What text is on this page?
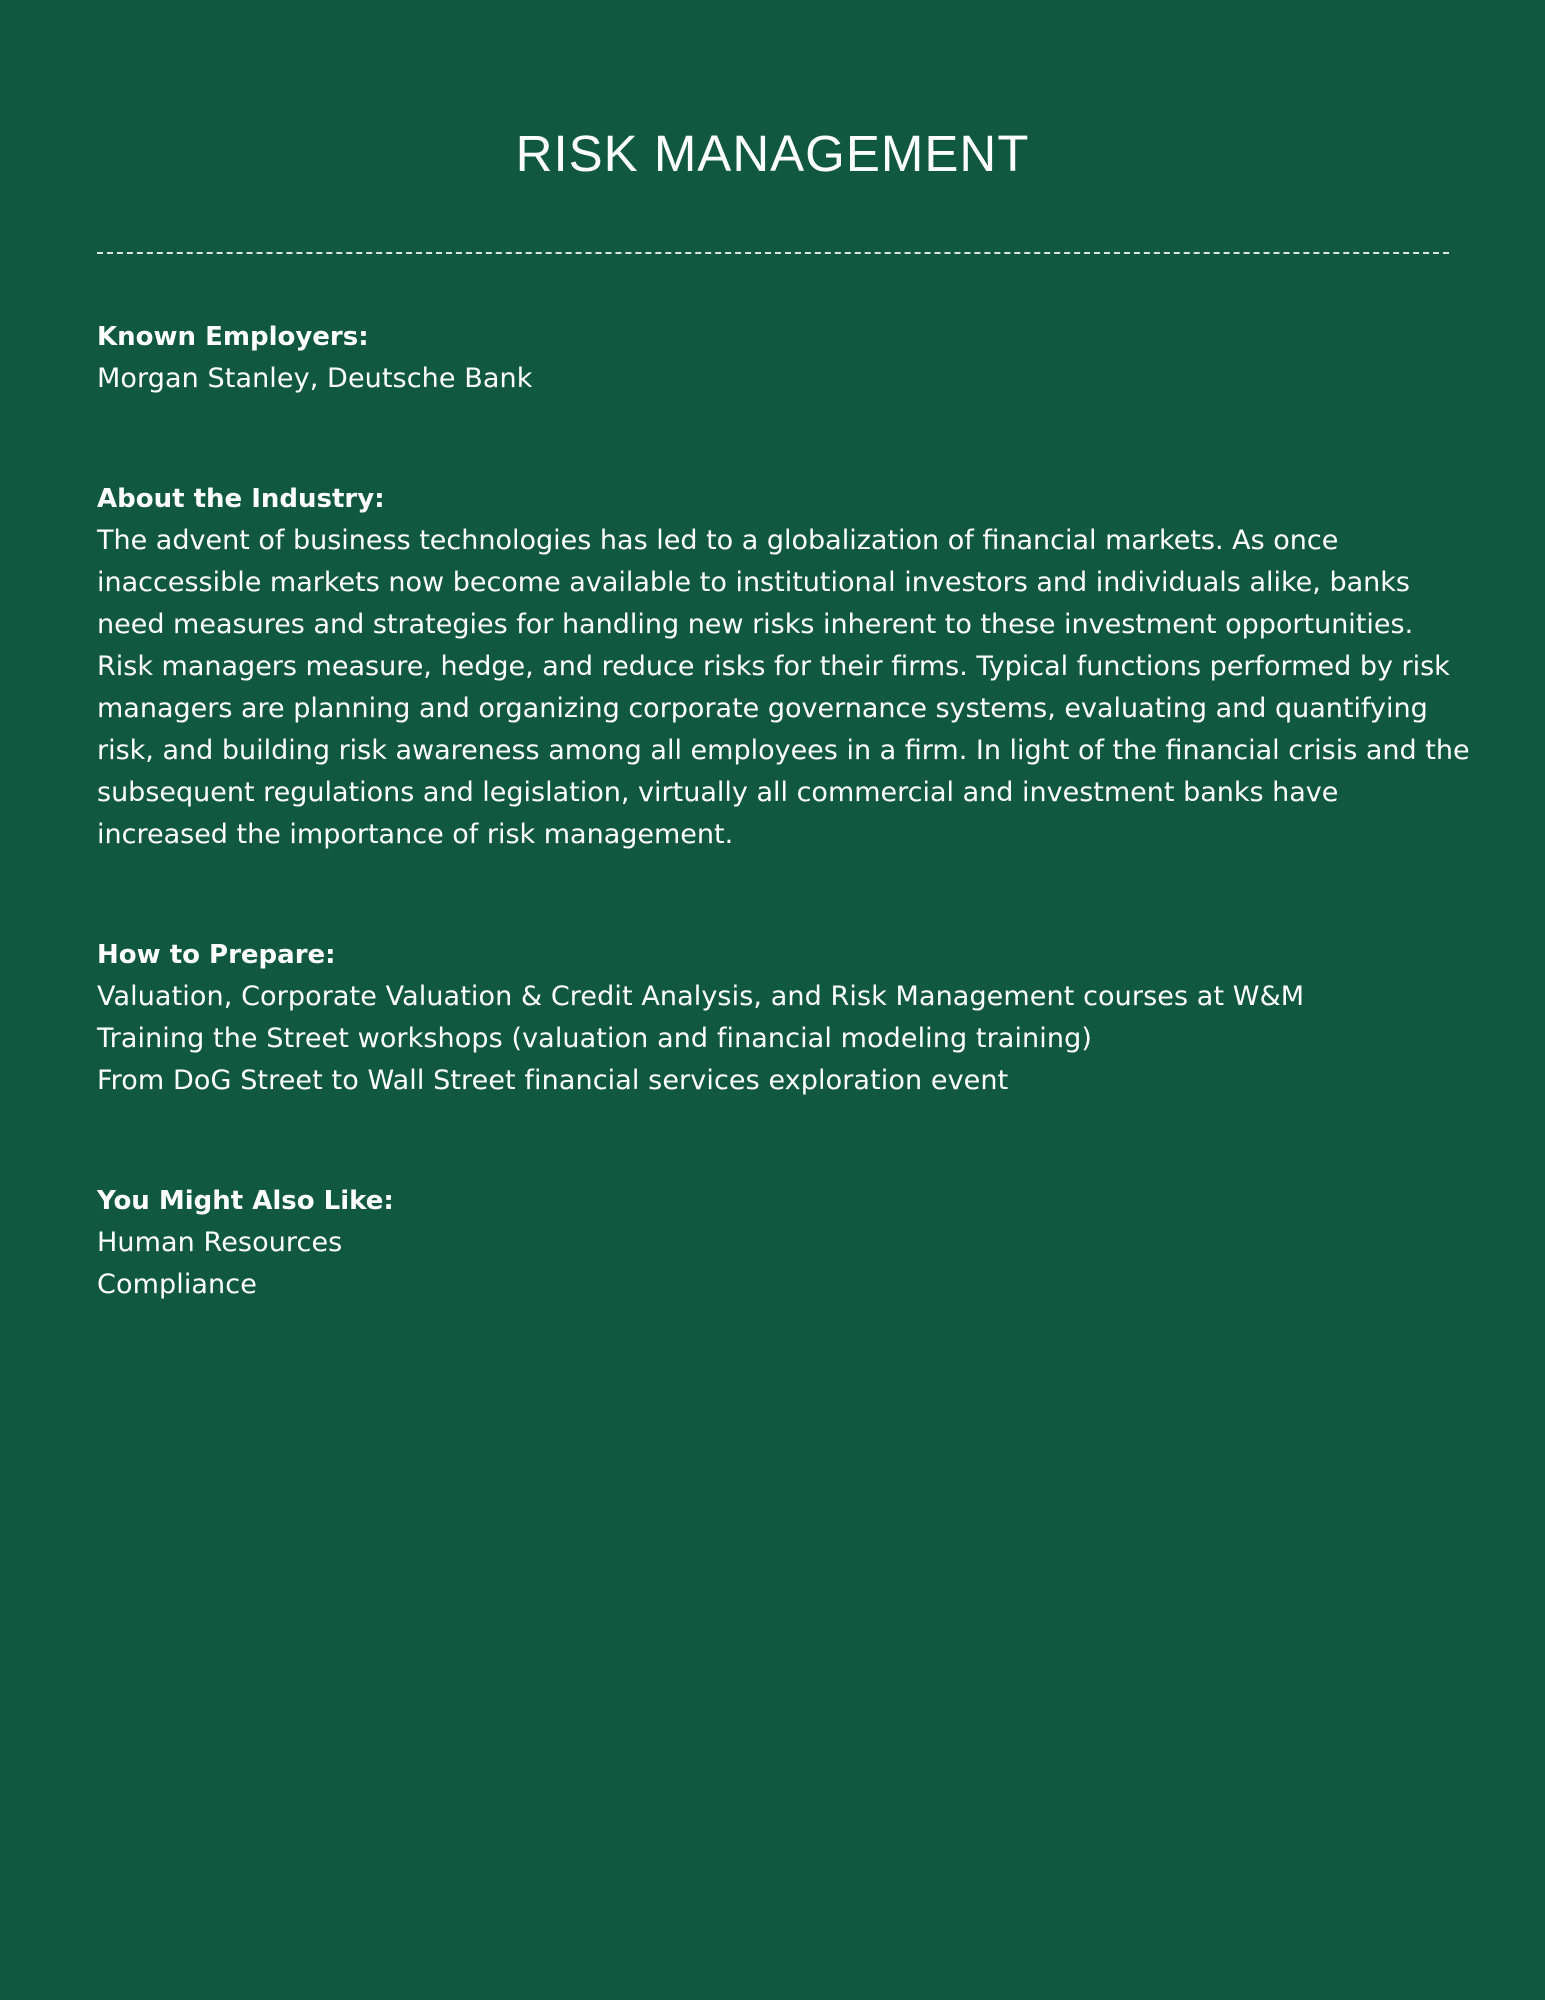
RISK MANAGEMENT

Known Employers:

Morgan Stanley, Deutsche Bank

About the Industry:

The advent of business technologies has led to a globalization of financial markets. As once inaccessible markets now become available to institutional investors and individuals alike, banks need measures and strategies for handling new risks inherent to these investment opportunities. Risk managers measure, hedge, and reduce risks for their firms. Typical functions performed by risk managers are planning and organizing corporate governance systems, evaluating and quantifying risk, and building risk awareness among all employees in a firm. In light of the financial crisis and the subsequent regulations and legislation, virtually all commercial and investment banks have increased the importance of risk management.

How to Prepare:

Valuation, Corporate Valuation & Credit Analysis, and Risk Management courses at W&M
Training the Street workshops (valuation and financial modeling training)
From DoG Street to Wall Street financial services exploration event

You Might Also Like:

Human Resources
Compliance
